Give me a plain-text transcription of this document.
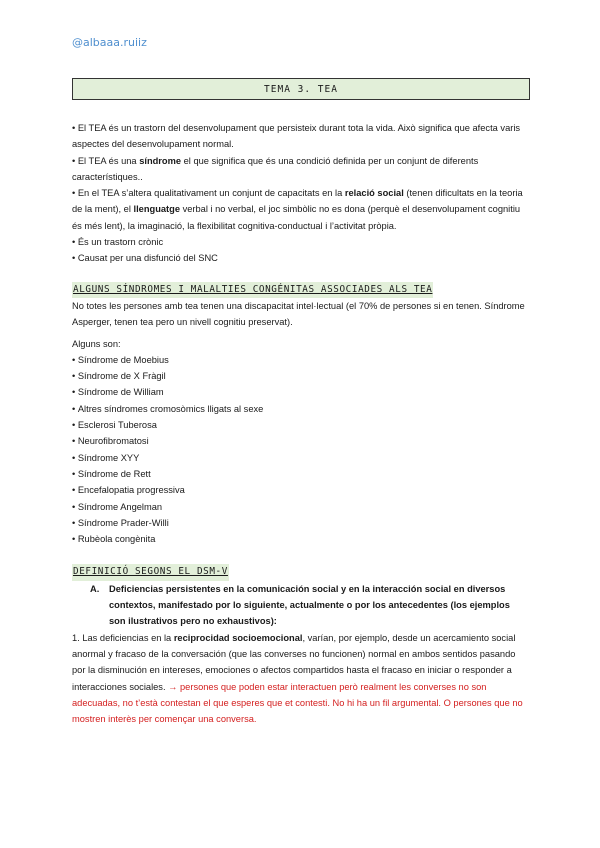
@albaaa.ruiiz
TEMA 3. TEA

• El TEA és un trastorn del desenvolupament que persisteix durant tota la vida. Això significa que afecta varis aspectes del desenvolupament normal.

• El TEA és una síndrome el que significa que és una condició definida per un conjunt de diferents característiques..

• En el TEA s’altera qualitativament un conjunt de capacitats en la relació social (tenen dificultats en la teoria de la ment), el llenguatge verbal i no verbal, el joc simbòlic no es dona (perquè el desenvolupament cognitiu és més lent), la imaginació, la flexibilitat cognitiva-conductual i l’activitat pròpia.

• És un trastorn crònic

• Causat per una disfunció del SNC

ALGUNS SÍNDROMES I MALALTIES CONGÉNITAS ASSOCIADES ALS TEA

No totes les persones amb tea tenen una discapacitat intel·lectual (el 70% de persones si en tenen. Síndrome Asperger, tenen tea pero un nivell cognitiu preservat).

Alguns son:

• Síndrome de Moebius

• Síndrome de X Fràgil

• Síndrome de William

• Altres síndromes cromosòmics lligats al sexe

• Esclerosi Tuberosa

• Neurofibromatosi

• Síndrome XYY

• Síndrome de Rett

• Encefalopatia progressiva

• Síndrome Angelman

• Síndrome Prader-Willi

• Rubèola congènita

DEFINICIÓ SEGONS EL DSM-V

A.	Deficiencias persistentes en la comunicación social y en la interacción social en diversos contextos, manifestado por lo siguiente, actualmente o por los antecedentes (los ejemplos son ilustrativos pero no exhaustivos):

1. Las deficiencias en la reciprocidad socioemocional, varían, por ejemplo, desde un acercamiento social anormal y fracaso de la conversación (que las converses no funcionen) normal en ambos sentidos pasando por la disminución en intereses, emociones o afectos compartidos hasta el fracaso en iniciar o responder a interacciones sociales. → persones que poden estar interactuen però realment les converses no son adecuadas, no t’està contestan el que esperes que et contesti. No hi ha un fil argumental. O persones que no mostren interès per començar una conversa.
